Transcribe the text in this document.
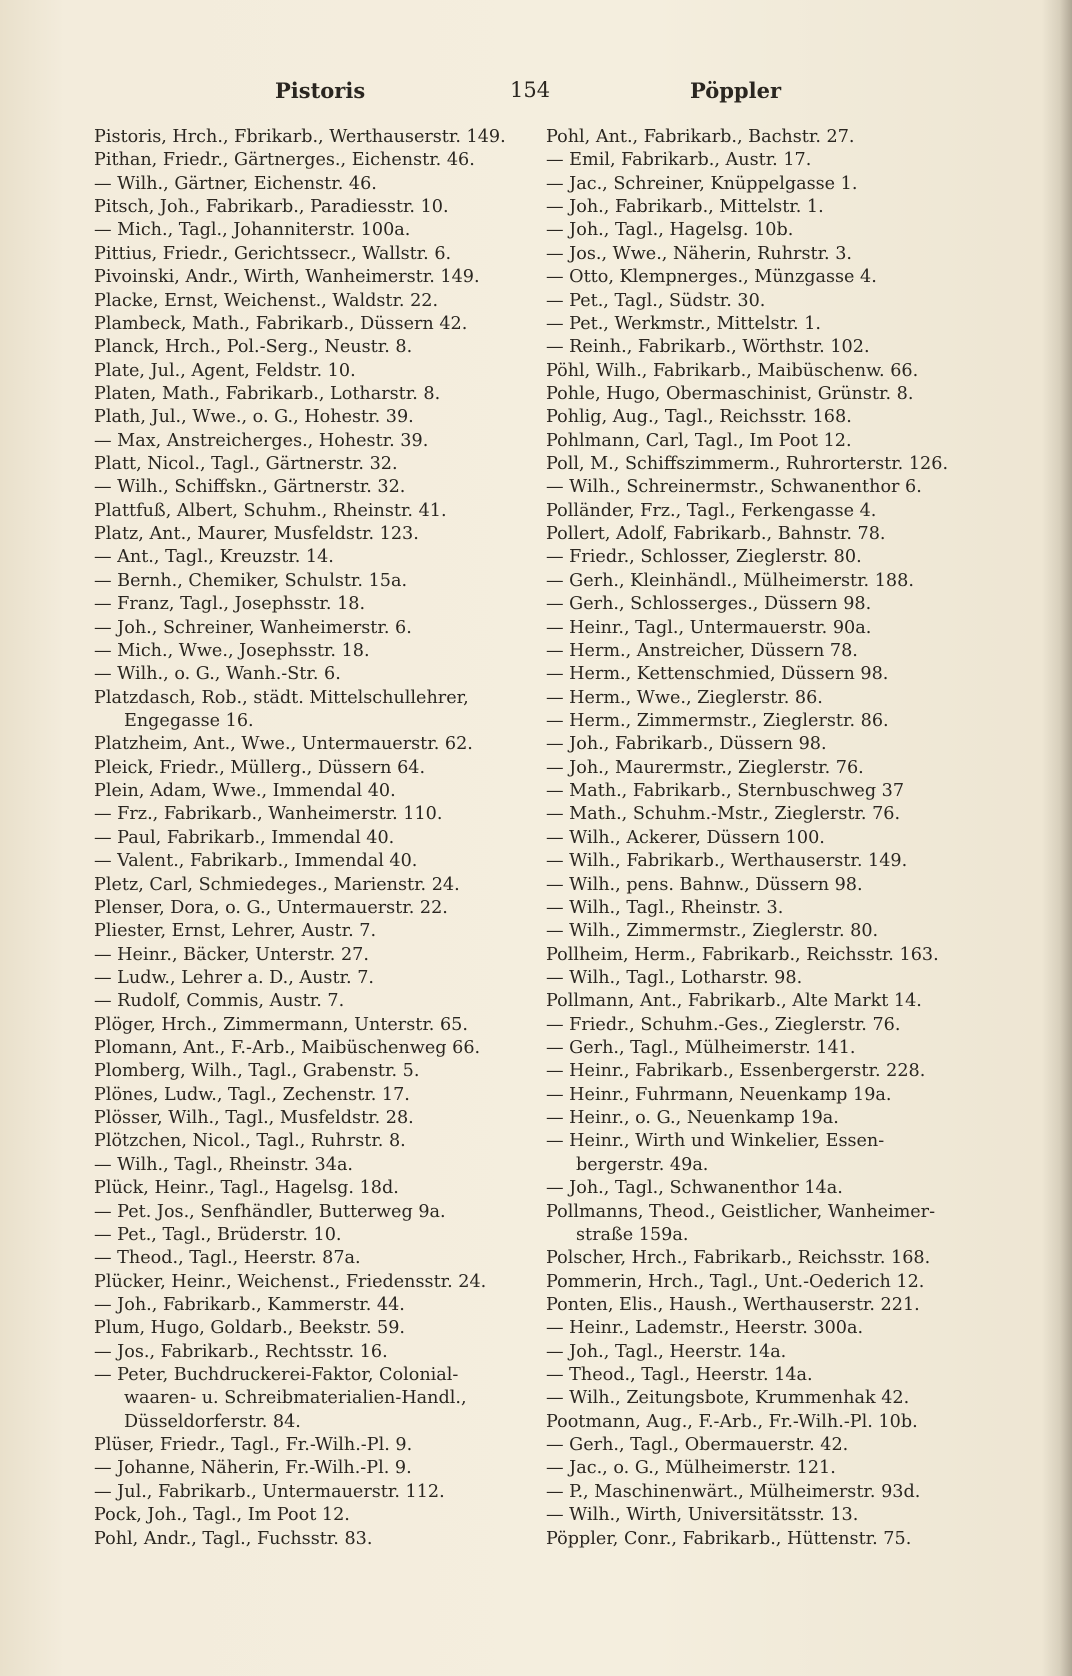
Pistoris	154	Pöppler
Pistoris, Hrch., Fbrikarb., Werthauserstr. 149.
Pithan, Friedr., Gärtnerges., Eichenstr. 46.
— Wilh., Gärtner, Eichenstr. 46.
Pitsch, Joh., Fabrikarb., Paradiesstr. 10.
— Mich., Tagl., Johanniterstr. 100a.
Pittius, Friedr., Gerichtssecr., Wallstr. 6.
Pivoinski, Andr., Wirth, Wanheimerstr. 149.
Placke, Ernst, Weichenst., Waldstr. 22.
Plambeck, Math., Fabrikarb., Düssern 42.
Planck, Hrch., Pol.-Serg., Neustr. 8.
Plate, Jul., Agent, Feldstr. 10.
Platen, Math., Fabrikarb., Lotharstr. 8.
Plath, Jul., Wwe., o. G., Hohestr. 39.
— Max, Anstreicherges., Hohestr. 39.
Platt, Nicol., Tagl., Gärtnerstr. 32.
— Wilh., Schiffskn., Gärtnerstr. 32.
Plattfuß, Albert, Schuhm., Rheinstr. 41.
Platz, Ant., Maurer, Musfeldstr. 123.
— Ant., Tagl., Kreuzstr. 14.
— Bernh., Chemiker, Schulstr. 15a.
— Franz, Tagl., Josephsstr. 18.
— Joh., Schreiner, Wanheimerstr. 6.
— Mich., Wwe., Josephsstr. 18.
— Wilh., o. G., Wanh.-Str. 6.
Platzdasch, Rob., städt. Mittelschullehrer,
Engegasse 16.
Platzheim, Ant., Wwe., Untermauerstr. 62.
Pleick, Friedr., Müllerg., Düssern 64.
Plein, Adam, Wwe., Immendal 40.
— Frz., Fabrikarb., Wanheimerstr. 110.
— Paul, Fabrikarb., Immendal 40.
— Valent., Fabrikarb., Immendal 40.
Pletz, Carl, Schmiedeges., Marienstr. 24.
Plenser, Dora, o. G., Untermauerstr. 22.
Pliester, Ernst, Lehrer, Austr. 7.
— Heinr., Bäcker, Unterstr. 27.
— Ludw., Lehrer a. D., Austr. 7.
— Rudolf, Commis, Austr. 7.
Plöger, Hrch., Zimmermann, Unterstr. 65.
Plomann, Ant., F.-Arb., Maibüschenweg 66.
Plomberg, Wilh., Tagl., Grabenstr. 5.
Plönes, Ludw., Tagl., Zechenstr. 17.
Plösser, Wilh., Tagl., Musfeldstr. 28.
Plötzchen, Nicol., Tagl., Ruhrstr. 8.
— Wilh., Tagl., Rheinstr. 34a.
Plück, Heinr., Tagl., Hagelsg. 18d.
— Pet. Jos., Senfhändler, Butterweg 9a.
— Pet., Tagl., Brüderstr. 10.
— Theod., Tagl., Heerstr. 87a.
Plücker, Heinr., Weichenst., Friedensstr. 24.
— Joh., Fabrikarb., Kammerstr. 44.
Plum, Hugo, Goldarb., Beekstr. 59.
— Jos., Fabrikarb., Rechtsstr. 16.
— Peter, Buchdruckerei-Faktor, Colonial-
waaren- u. Schreibmaterialien-Handl.,
Düsseldorferstr. 84.
Plüser, Friedr., Tagl., Fr.-Wilh.-Pl. 9.
— Johanne, Näherin, Fr.-Wilh.-Pl. 9.
— Jul., Fabrikarb., Untermauerstr. 112.
Pock, Joh., Tagl., Im Poot 12.
Pohl, Andr., Tagl., Fuchsstr. 83.
Pohl, Ant., Fabrikarb., Bachstr. 27.
— Emil, Fabrikarb., Austr. 17.
— Jac., Schreiner, Knüppelgasse 1.
— Joh., Fabrikarb., Mittelstr. 1.
— Joh., Tagl., Hagelsg. 10b.
— Jos., Wwe., Näherin, Ruhrstr. 3.
— Otto, Klempnerges., Münzgasse 4.
— Pet., Tagl., Südstr. 30.
— Pet., Werkmstr., Mittelstr. 1.
— Reinh., Fabrikarb., Wörthstr. 102.
Pöhl, Wilh., Fabrikarb., Maibüschenw. 66.
Pohle, Hugo, Obermaschinist, Grünstr. 8.
Pohlig, Aug., Tagl., Reichsstr. 168.
Pohlmann, Carl, Tagl., Im Poot 12.
Poll, M., Schiffszimmerm., Ruhrorterstr. 126.
— Wilh., Schreinermstr., Schwanenthor 6.
Polländer, Frz., Tagl., Ferkengasse 4.
Pollert, Adolf, Fabrikarb., Bahnstr. 78.
— Friedr., Schlosser, Zieglerstr. 80.
— Gerh., Kleinhändl., Mülheimerstr. 188.
— Gerh., Schlosserges., Düssern 98.
— Heinr., Tagl., Untermauerstr. 90a.
— Herm., Anstreicher, Düssern 78.
— Herm., Kettenschmied, Düssern 98.
— Herm., Wwe., Zieglerstr. 86.
— Herm., Zimmermstr., Zieglerstr. 86.
— Joh., Fabrikarb., Düssern 98.
— Joh., Maurermstr., Zieglerstr. 76.
— Math., Fabrikarb., Sternbuschweg 37
— Math., Schuhm.-Mstr., Zieglerstr. 76.
— Wilh., Ackerer, Düssern 100.
— Wilh., Fabrikarb., Werthauserstr. 149.
— Wilh., pens. Bahnw., Düssern 98.
— Wilh., Tagl., Rheinstr. 3.
— Wilh., Zimmermstr., Zieglerstr. 80.
Pollheim, Herm., Fabrikarb., Reichsstr. 163.
— Wilh., Tagl., Lotharstr. 98.
Pollmann, Ant., Fabrikarb., Alte Markt 14.
— Friedr., Schuhm.-Ges., Zieglerstr. 76.
— Gerh., Tagl., Mülheimerstr. 141.
— Heinr., Fabrikarb., Essenbergerstr. 228.
— Heinr., Fuhrmann, Neuenkamp 19a.
— Heinr., o. G., Neuenkamp 19a.
— Heinr., Wirth und Winkelier, Essen-
bergerstr. 49a.
— Joh., Tagl., Schwanenthor 14a.
Pollmanns, Theod., Geistlicher, Wanheimer-
straße 159a.
Polscher, Hrch., Fabrikarb., Reichsstr. 168.
Pommerin, Hrch., Tagl., Unt.-Oederich 12.
Ponten, Elis., Haush., Werthauserstr. 221.
— Heinr., Lademstr., Heerstr. 300a.
— Joh., Tagl., Heerstr. 14a.
— Theod., Tagl., Heerstr. 14a.
— Wilh., Zeitungsbote, Krummenhak 42.
Pootmann, Aug., F.-Arb., Fr.-Wilh.-Pl. 10b.
— Gerh., Tagl., Obermauerstr. 42.
— Jac., o. G., Mülheimerstr. 121.
— P., Maschinenwärt., Mülheimerstr. 93d.
— Wilh., Wirth, Universitätsstr. 13.
Pöppler, Conr., Fabrikarb., Hüttenstr. 75.
